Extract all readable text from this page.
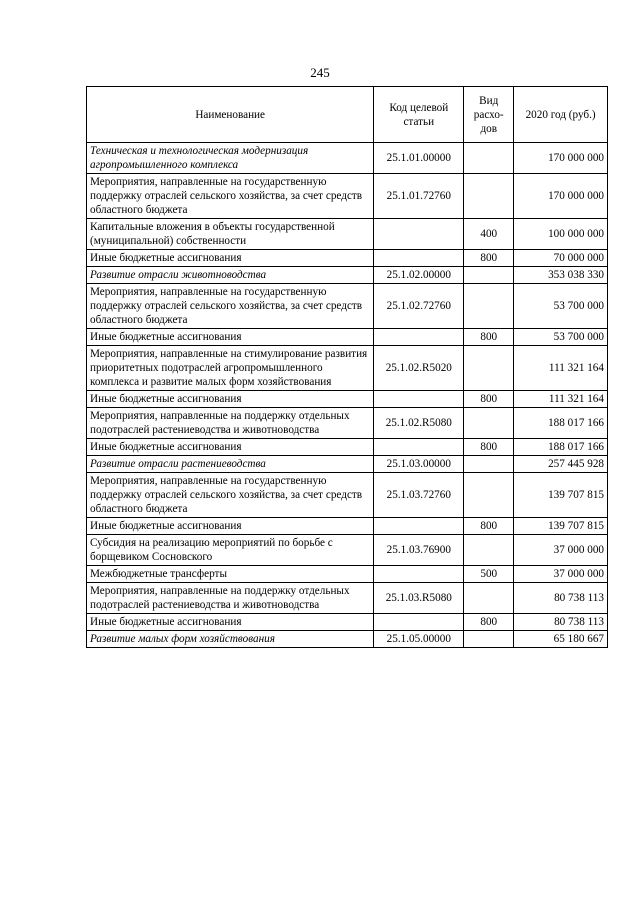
245
Наименование	Код целевой статьи	Вид расхо-дов	2020 год (руб.)
Техническая и технологическая модернизация агропромышленного комплекса	25.1.01.00000		170 000 000
Мероприятия, направленные на государственную поддержку отраслей сельского хозяйства, за счет средств областного бюджета	25.1.01.72760		170 000 000
Капитальные вложения в объекты государственной (муниципальной) собственности		400	100 000 000
Иные бюджетные ассигнования		800	70 000 000
Развитие отрасли животноводства	25.1.02.00000		353 038 330
Мероприятия, направленные на государственную поддержку отраслей сельского хозяйства, за счет средств областного бюджета	25.1.02.72760		53 700 000
Иные бюджетные ассигнования		800	53 700 000
Мероприятия, направленные на стимулирование развития приоритетных подотраслей агропромышленного комплекса и развитие малых форм хозяйствования	25.1.02.R5020		111 321 164
Иные бюджетные ассигнования		800	111 321 164
Мероприятия, направленные на поддержку отдельных подотраслей растениеводства и животноводства	25.1.02.R5080		188 017 166
Иные бюджетные ассигнования		800	188 017 166
Развитие отрасли растениеводства	25.1.03.00000		257 445 928
Мероприятия, направленные на государственную поддержку отраслей сельского хозяйства, за счет средств областного бюджета	25.1.03.72760		139 707 815
Иные бюджетные ассигнования		800	139 707 815
Субсидия на реализацию мероприятий по борьбе с борщевиком Сосновского	25.1.03.76900		37 000 000
Межбюджетные трансферты		500	37 000 000
Мероприятия, направленные на поддержку отдельных подотраслей растениеводства и животноводства	25.1.03.R5080		80 738 113
Иные бюджетные ассигнования		800	80 738 113
Развитие малых форм хозяйствования	25.1.05.00000		65 180 667
